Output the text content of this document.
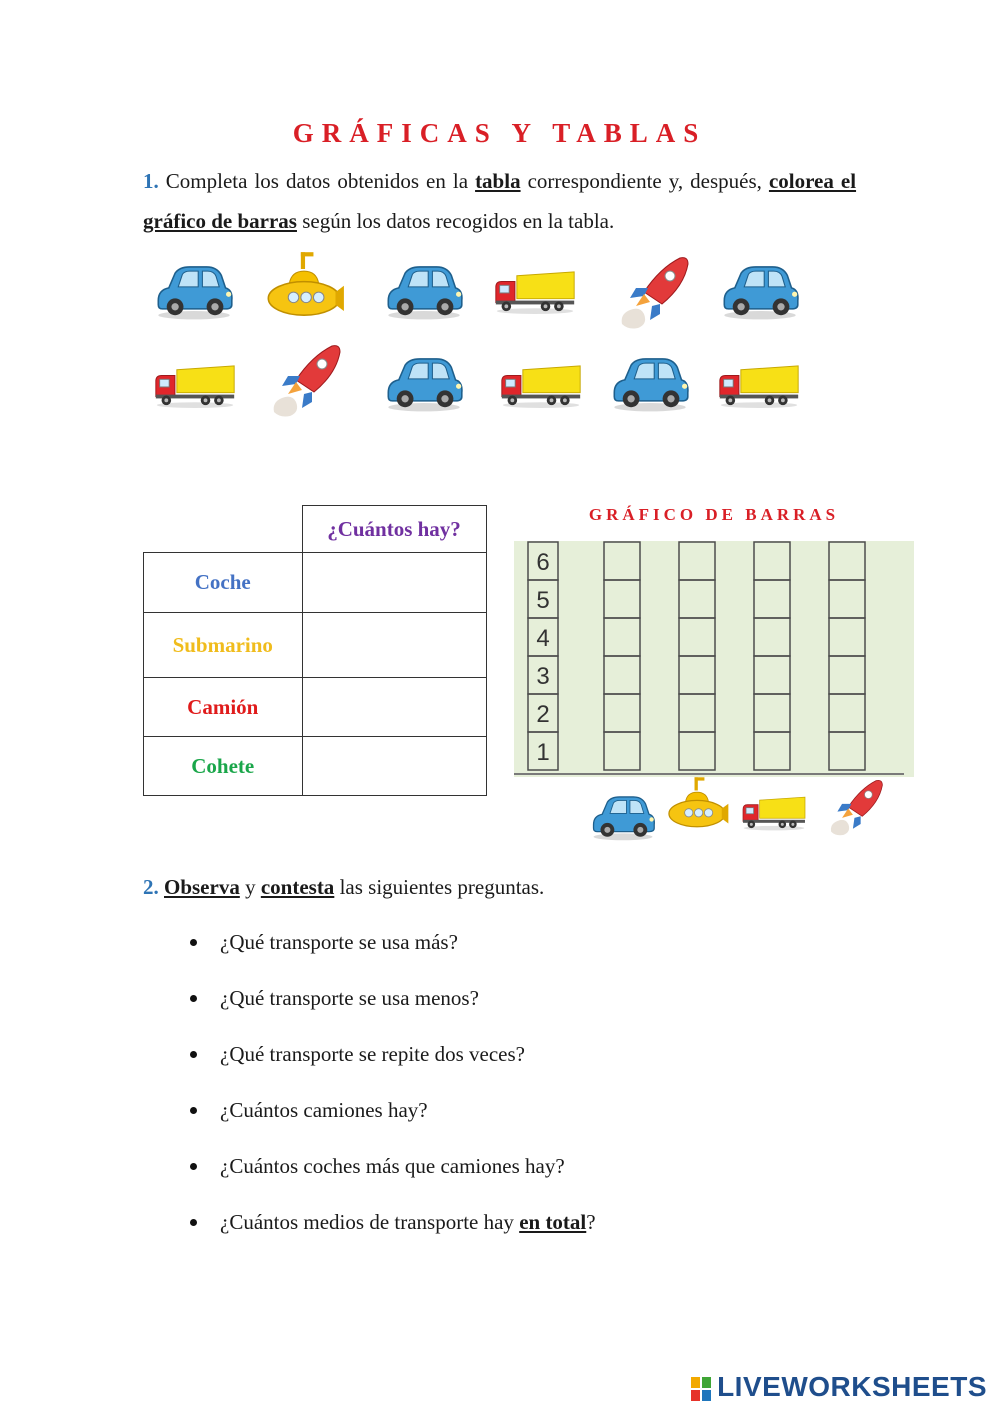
GRÁFICAS Y TABLAS
1. Completa los datos obtenidos en la tabla correspondiente y, después, colorea el gráfico de barras según los datos recogidos en la tabla.
	¿Cuántos hay?
Coche	
Submarino	
Camión	
Cohete	
GRÁFICO DE BARRAS
6
5
4
3
2
1
2. Observa y contesta las siguientes preguntas.
¿Qué transporte se usa más?
¿Qué transporte se usa menos?
¿Qué transporte se repite dos veces?
¿Cuántos camiones hay?
¿Cuántos coches más que camiones hay?
¿Cuántos medios de transporte hay en total?
LIVEWORKSHEETS
